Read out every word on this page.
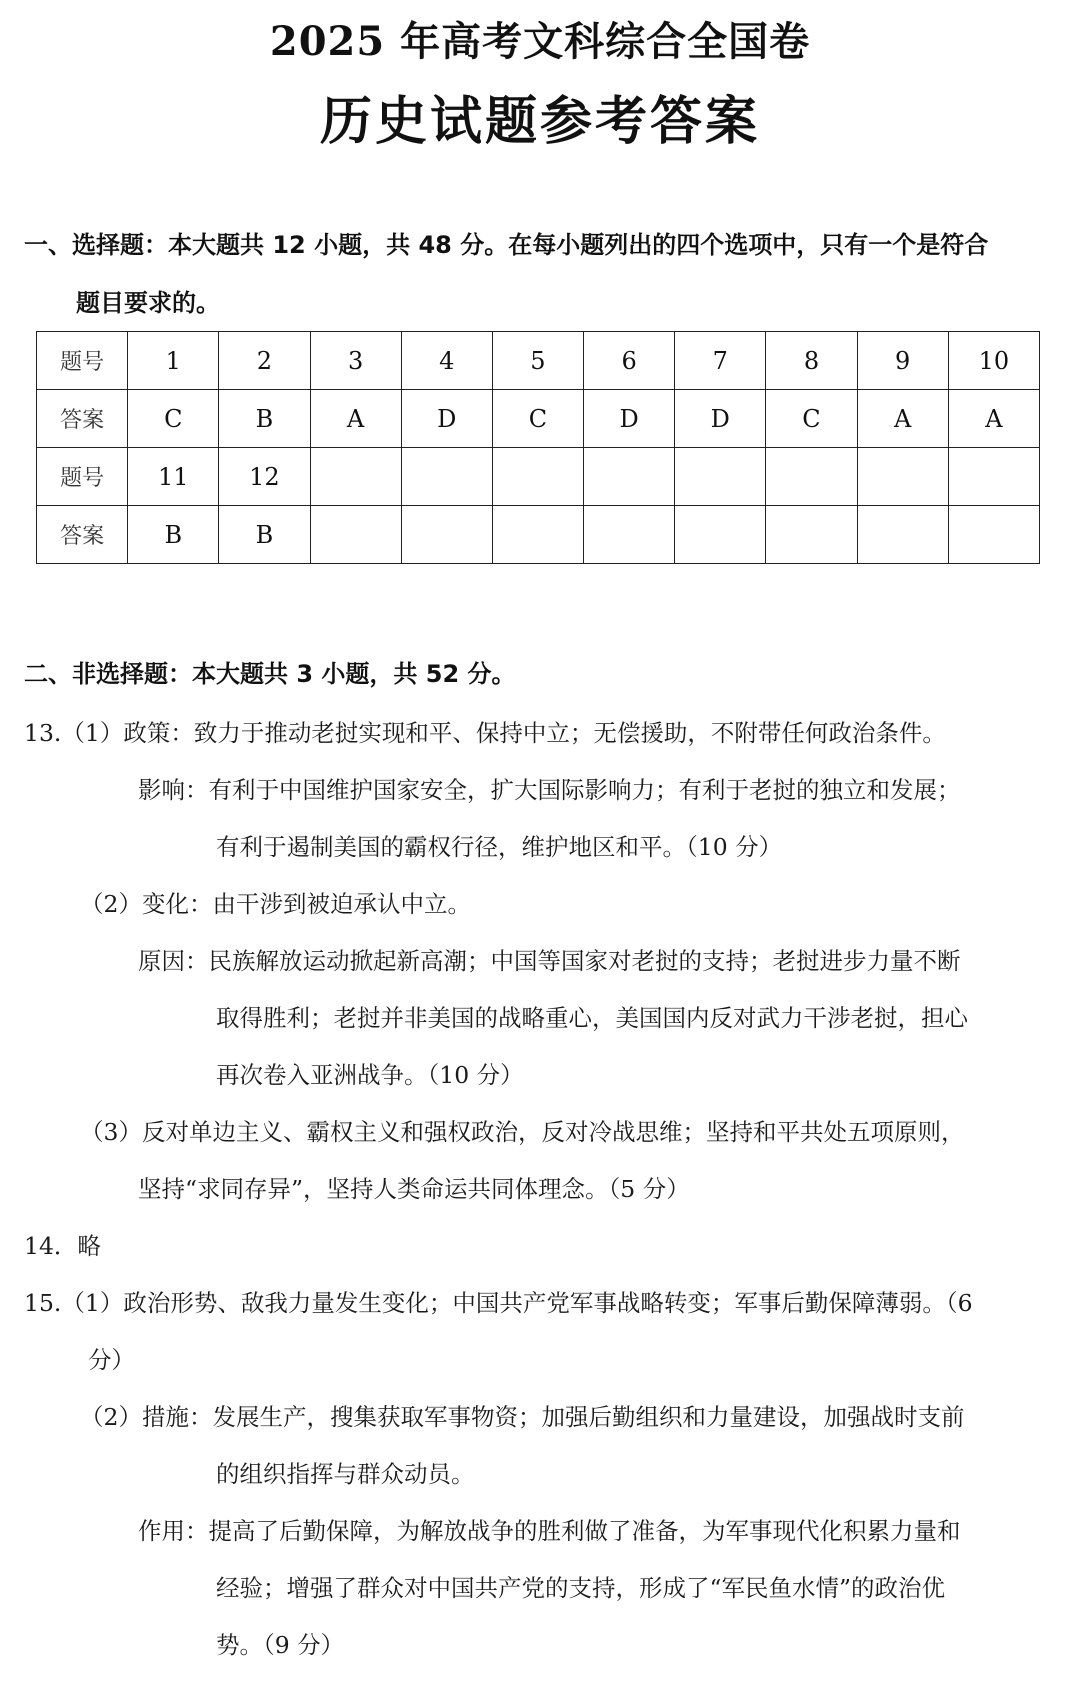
2025 年高考文科综合全国卷
历史试题参考答案
一、选择题：本大题共 12 小题，共 48 分。在每小题列出的四个选项中，只有一个是符合
题目要求的。
题号	1	2	3	4	5	6	7	8	9	10
答案	C	B	A	D	C	D	D	C	A	A
题号	11	12								
答案	B	B								
二、非选择题：本大题共 3 小题，共 52 分。
13.（1）政策：致力于推动老挝实现和平、保持中立；无偿援助，不附带任何政治条件。
影响：有利于中国维护国家安全，扩大国际影响力；有利于老挝的独立和发展；
有利于遏制美国的霸权行径，维护地区和平。（10 分）
（2）变化：由干涉到被迫承认中立。
原因：民族解放运动掀起新高潮；中国等国家对老挝的支持；老挝进步力量不断
取得胜利；老挝并非美国的战略重心，美国国内反对武力干涉老挝，担心
再次卷入亚洲战争。（10 分）
（3）反对单边主义、霸权主义和强权政治，反对冷战思维；坚持和平共处五项原则，
坚持“求同存异”，坚持人类命运共同体理念。（5 分）
14．略
15.（1）政治形势、敌我力量发生变化；中国共产党军事战略转变；军事后勤保障薄弱。（6
分）
（2）措施：发展生产，搜集获取军事物资；加强后勤组织和力量建设，加强战时支前
的组织指挥与群众动员。
作用：提高了后勤保障，为解放战争的胜利做了准备，为军事现代化积累力量和
经验；增强了群众对中国共产党的支持，形成了“军民鱼水情”的政治优
势。（9 分）
